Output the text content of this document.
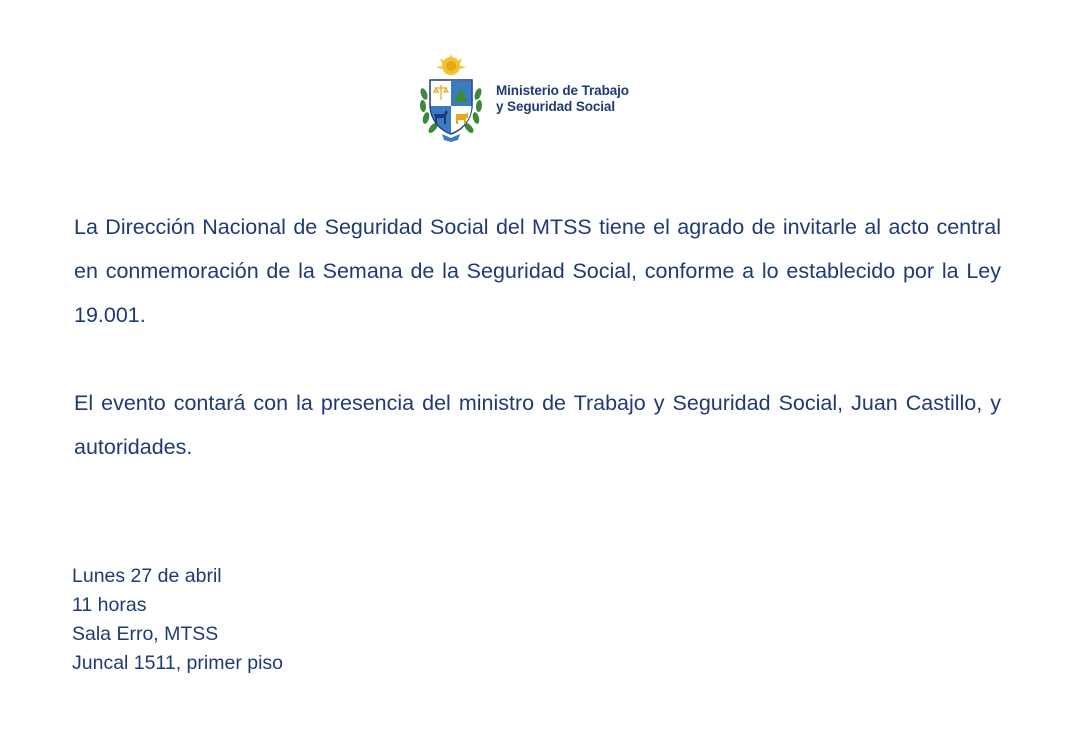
Ministerio de Trabajo
y Seguridad Social
La Dirección Nacional de Seguridad Social del MTSS tiene el agrado de invitarle al acto central en conmemoración de la Semana de la Seguridad Social, conforme a lo establecido por la Ley 19.001.
El evento contará con la presencia del ministro de Trabajo y Seguridad Social, Juan Castillo, y autoridades.
Lunes 27 de abril
11 horas
Sala Erro, MTSS
Juncal 1511, primer piso
